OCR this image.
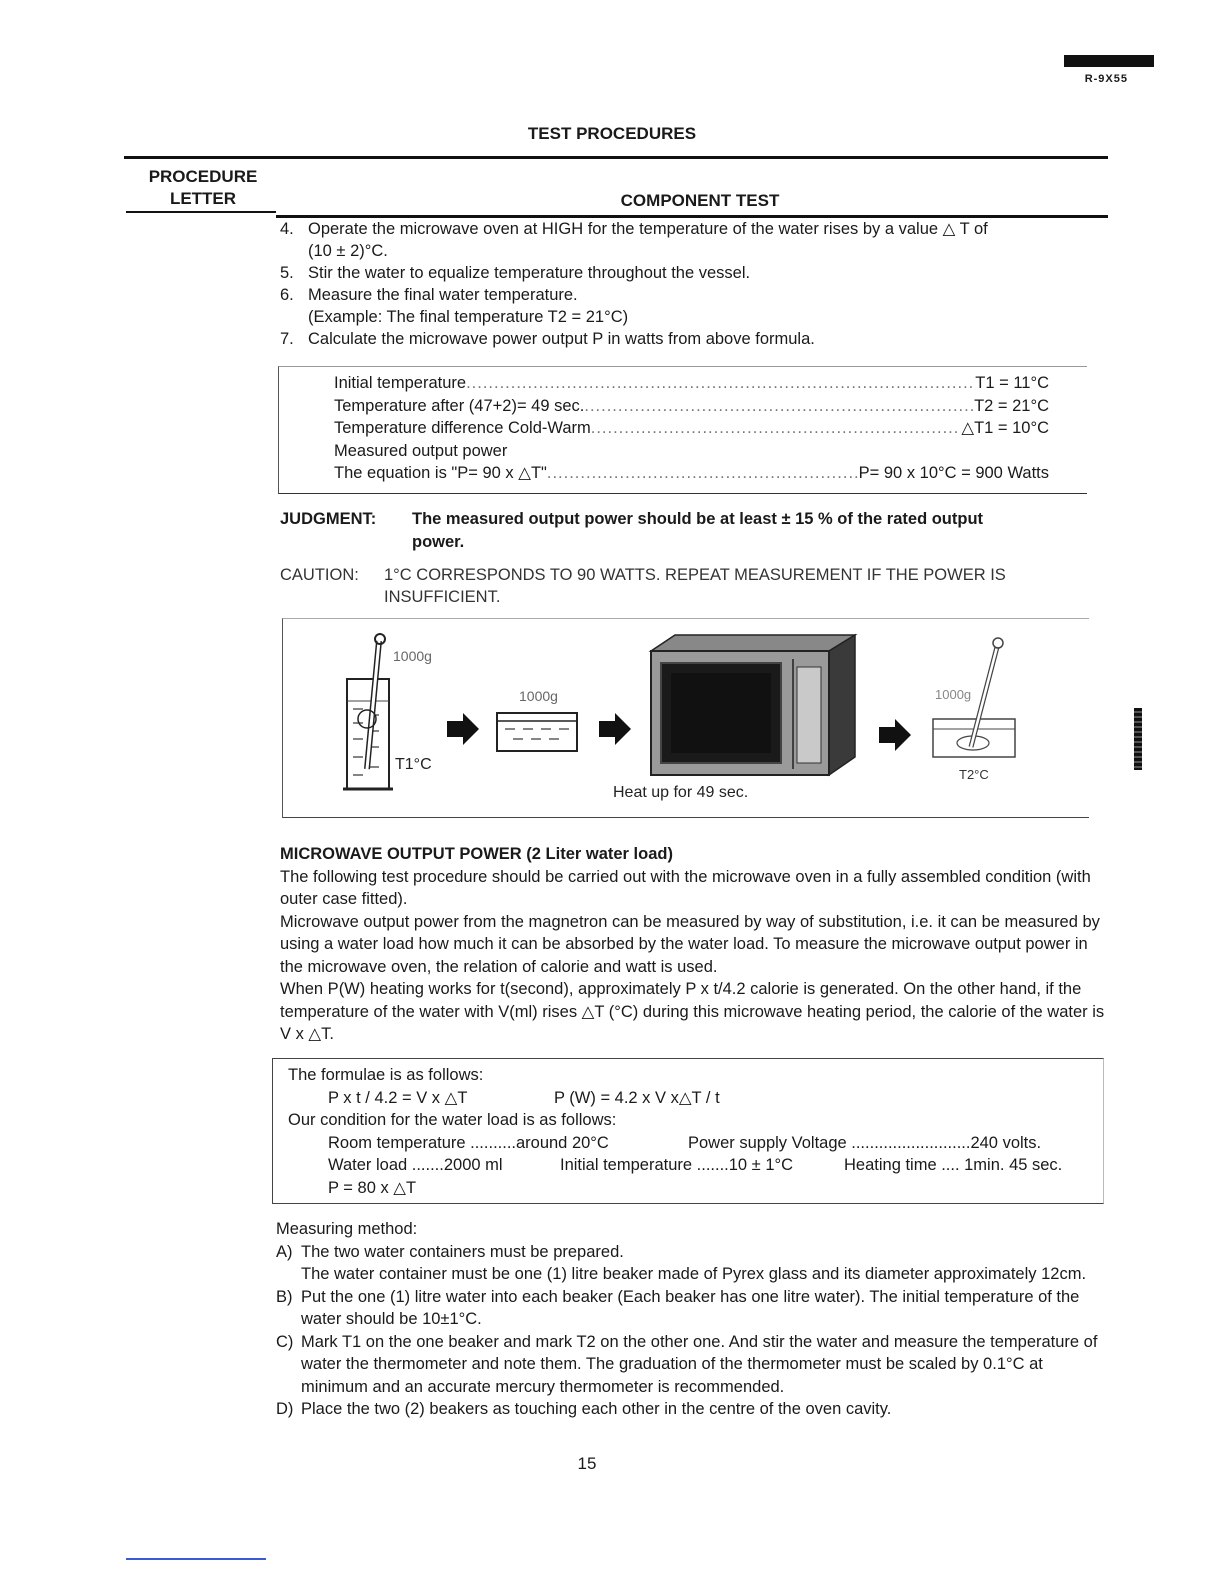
R-9X55
TEST PROCEDURES
PROCEDURE
LETTER	COMPONENT TEST
4. Operate the microwave oven at HIGH for the temperature of the water rises by a value △ T of
(10 ± 2)°C.
5. Stir the water to equalize temperature throughout the vessel.
6. Measure the final water temperature.
(Example: The final temperature T2 = 21°C)
7. Calculate the microwave power output P in watts from above formula.
Initial temperature .....	T1 = 11°C
Temperature after (47+2)= 49 sec. .....	T2 = 21°C
Temperature difference Cold-Warm .....	△T1 = 10°C
Measured output power
The equation is "P= 90 x △T" .....	P= 90 x 10°C = 900 Watts
JUDGMENT:	The measured output power should be at least ± 15 % of the rated output
power.
CAUTION:	1°C CORRESPONDS TO 90 WATTS. REPEAT MEASUREMENT IF THE POWER IS
INSUFFICIENT.
1000g
T1°C
1000g
Heat up for 49 sec.
1000g
T2°C
MICROWAVE OUTPUT POWER (2 Liter water load)
The following test procedure should be carried out with the microwave oven in a fully assembled condition (with outer case fitted).
Microwave output power from the magnetron can be measured by way of substitution, i.e. it can be measured by using a water load how much it can be absorbed by the water load. To measure the microwave output power in the microwave oven, the relation of calorie and watt is used.
When P(W) heating works for t(second), approximately P x t/4.2 calorie is generated. On the other hand, if the temperature of the water with V(ml) rises △T (°C) during this microwave heating period, the calorie of the water is V x △T.
The formulae is as follows:
P x t / 4.2 = V x △T	P (W) = 4.2 x V x△T / t
Our condition for the water load is as follows:
Room temperature ..........around 20°C	Power supply Voltage ..........................240 volts.
Water load .......2000 ml	Initial temperature .......10 ± 1°C	Heating time .... 1min. 45 sec.
P = 80 x △T
Measuring method:
A) The two water containers must be prepared.
The water container must be one (1) litre beaker made of Pyrex glass and its diameter approximately 12cm.
B) Put the one (1) litre water into each beaker (Each beaker has one litre water). The initial temperature of the water should be 10±1°C.
C) Mark T1 on the one beaker and mark T2 on the other one. And stir the water and measure the temperature of water the thermometer and note them. The graduation of the thermometer must be scaled by 0.1°C at minimum and an accurate mercury thermometer is recommended.
D) Place the two (2) beakers as touching each other in the centre of the oven cavity.
15
